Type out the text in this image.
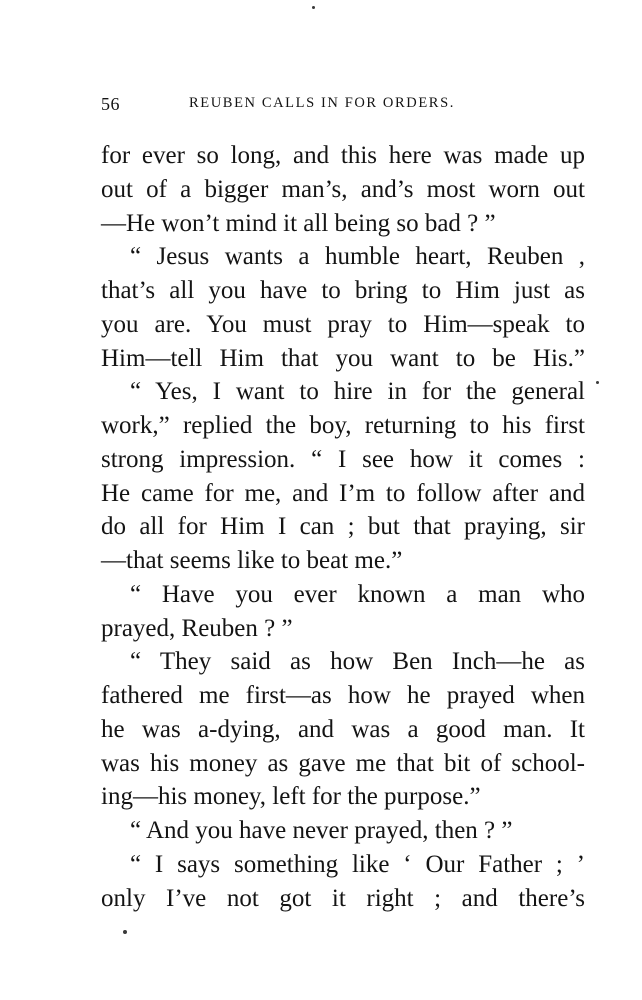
56	REUBEN CALLS IN FOR ORDERS.
for ever so long, and this here was made up
out of a bigger man’s, and’s most worn out
—He won’t mind it all being so bad ? ”
“ Jesus wants a humble heart, Reuben ,
that’s all you have to bring to Him just as
you are. You must pray to Him—speak to
Him—tell Him that you want to be His.”
“ Yes, I want to hire in for the general
work,” replied the boy, returning to his first
strong impression. “ I see how it comes :
He came for me, and I’m to follow after and
do all for Him I can ; but that praying, sir
—that seems like to beat me.”
“ Have you ever known a man who
prayed, Reuben ? ”
“ They said as how Ben Inch—he as
fathered me first—as how he prayed when
he was a-dying, and was a good man. It
was his money as gave me that bit of school-
ing—his money, left for the purpose.”
“ And you have never prayed, then ? ”
“ I says something like ‘ Our Father ; ’
only I’ve not got it right ; and there’s
